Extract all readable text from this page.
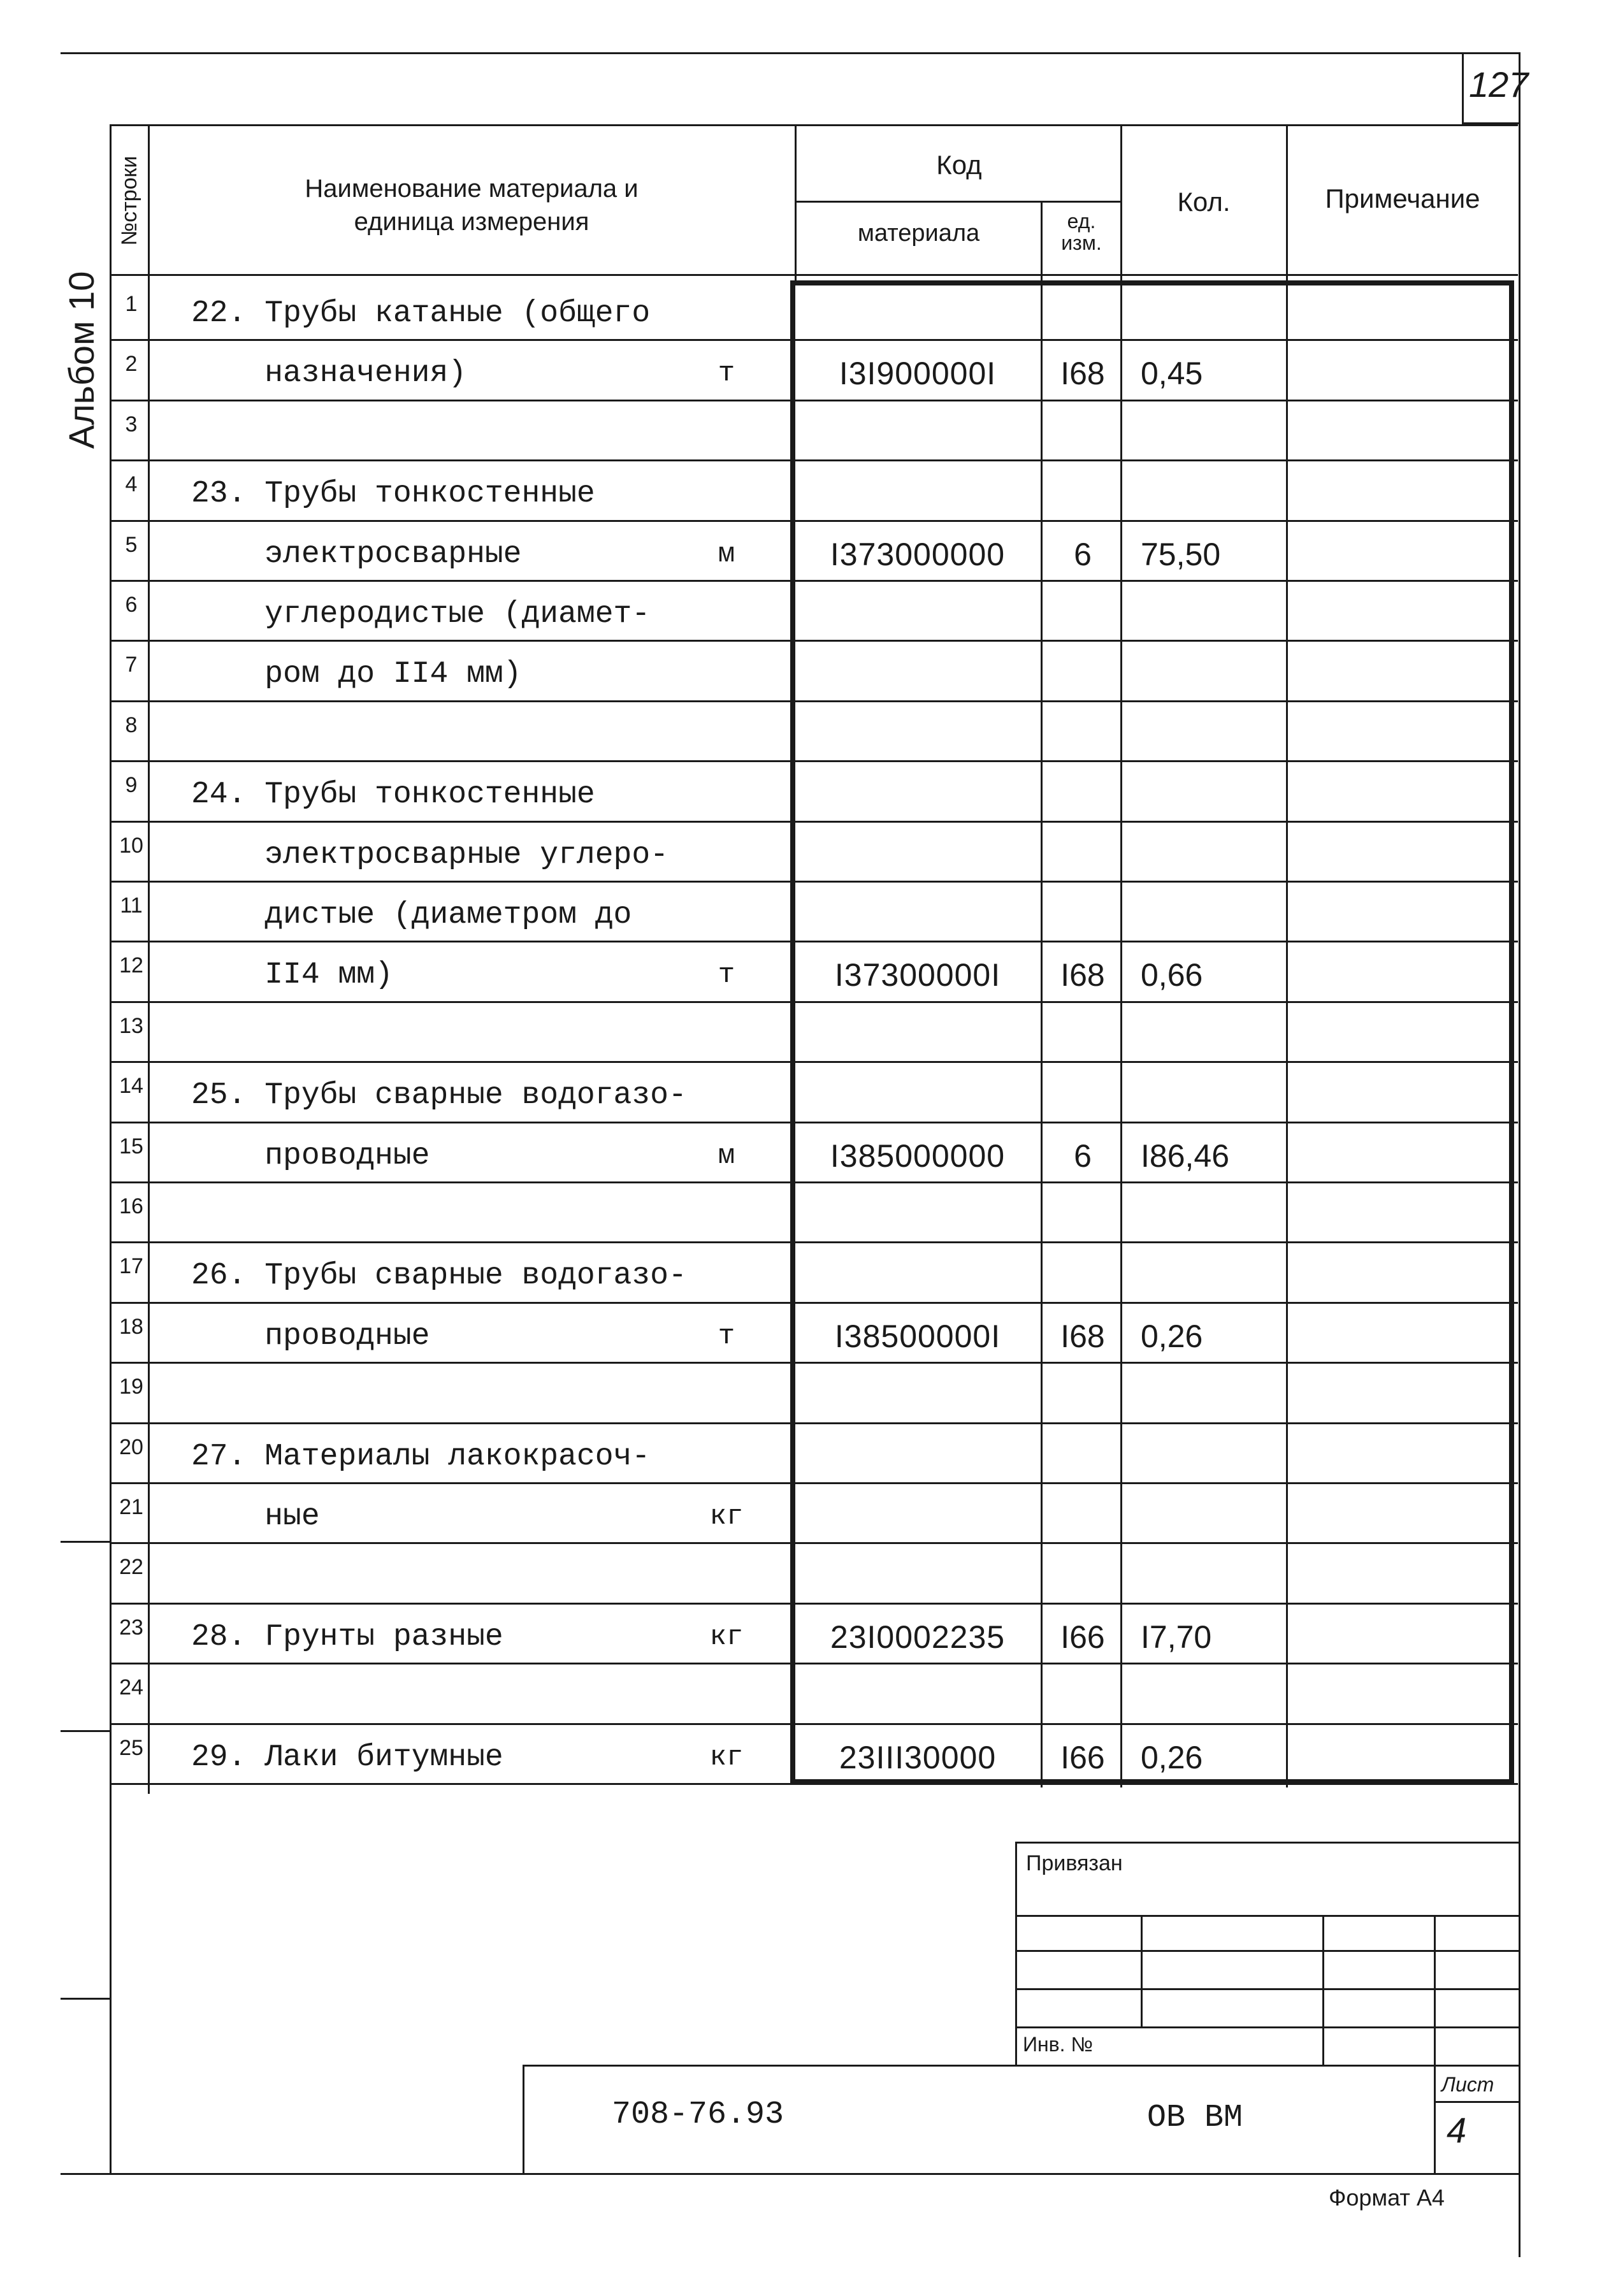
127
Альбом 10
№строки	Наименование материала и
единица измерения
Код
материала	ед.
изм.
Кол.	Примечание
1	22. Трубы катаные (общего
2	назначения)	т	I3I900000I	I68	0,45
3
4	23. Трубы тонкостенные
5	электросварные	м	I373000000	6	75,50
6	углеродистые (диамет-
7	ром до II4 мм)
8
9	24. Трубы тонкостенные
10 электросварные углеро-
11 дистые (диаметром до
12 II4 мм)	т	I37300000I	I68	0,66
13
14 25. Трубы сварные водогазо-
15 проводные	м	I385000000	6	I86,46
16
17 26. Трубы сварные водогазо-
18 проводные	т	I38500000I	I68	0,26
19
20 27. Материалы лакокрасоч-
21 ные	кг
22
23 28. Грунты разные	кг	23I0002235	I66	I7,70
24
25 29. Лаки битумные	кг	23III30000	I66	0,26
Привязан
Инв. №
708-76.93	ОВ ВМ
Лист
4
Формат А4
